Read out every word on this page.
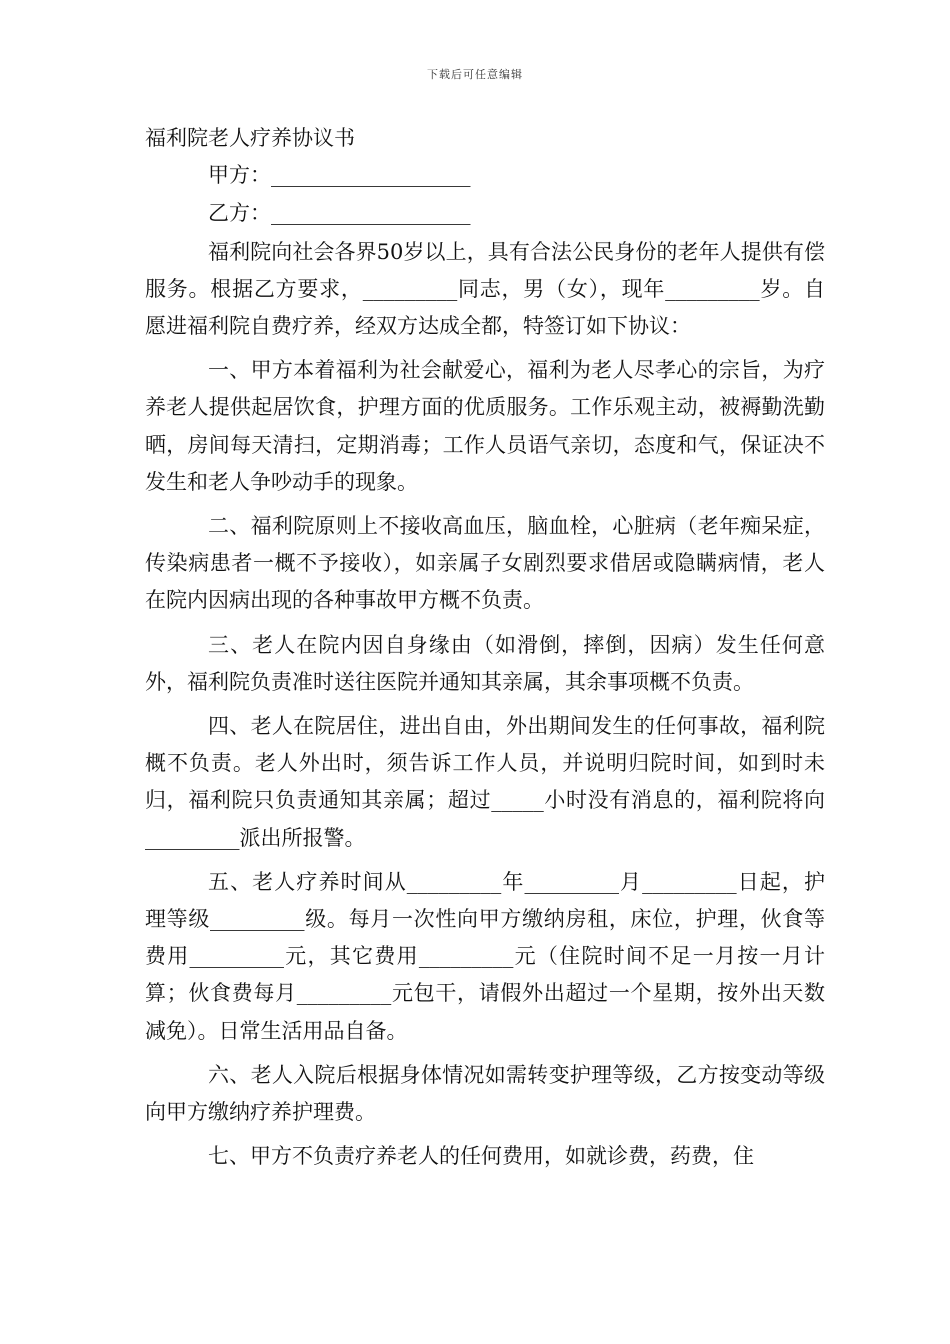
下载后可任意编辑

福利院老人疗养协议书

甲方：___________________

乙方：___________________

福利院向社会各界50岁以上，具有合法公民身份的老年人提供有偿服务。根据乙方要求，_________同志，男（女），现年_________岁。自愿进福利院自费疗养，经双方达成全都，特签订如下协议：

一、甲方本着福利为社会献爱心，福利为老人尽孝心的宗旨，为疗养老人提供起居饮食，护理方面的优质服务。工作乐观主动，被褥勤洗勤晒，房间每天清扫，定期消毒；工作人员语气亲切，态度和气，保证决不发生和老人争吵动手的现象。

二、福利院原则上不接收高血压，脑血栓，心脏病（老年痴呆症，传染病患者一概不予接收），如亲属子女剧烈要求借居或隐瞒病情，老人在院内因病出现的各种事故甲方概不负责。

三、老人在院内因自身缘由（如滑倒，摔倒，因病）发生任何意外，福利院负责准时送往医院并通知其亲属，其余事项概不负责。

四、老人在院居住，进出自由，外出期间发生的任何事故，福利院概不负责。老人外出时，须告诉工作人员，并说明归院时间，如到时未归，福利院只负责通知其亲属；超过_____小时没有消息的，福利院将向_________派出所报警。

五、老人疗养时间从_________年_________月_________日起，护理等级_________级。每月一次性向甲方缴纳房租，床位，护理，伙食等费用_________元，其它费用_________元（住院时间不足一月按一月计算；伙食费每月_________元包干，请假外出超过一个星期，按外出天数减免）。日常生活用品自备。

六、老人入院后根据身体情况如需转变护理等级，乙方按变动等级向甲方缴纳疗养护理费。

七、甲方不负责疗养老人的任何费用，如就诊费，药费，住
